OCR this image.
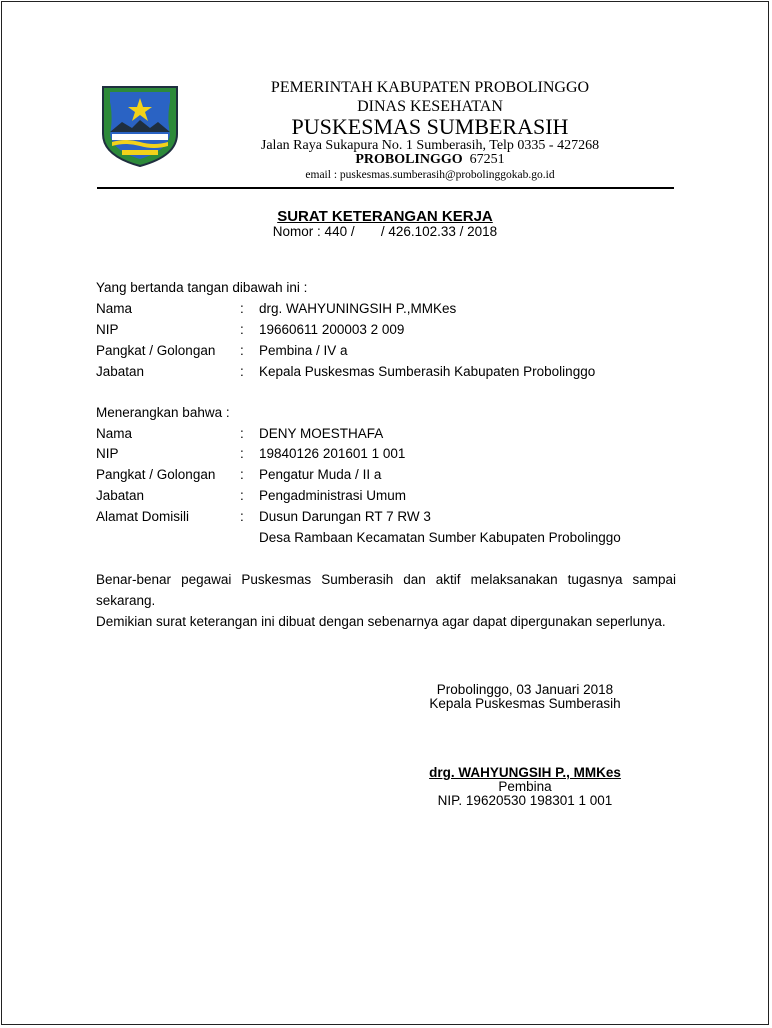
PEMERINTAH KABUPATEN PROBOLINGGO
DINAS KESEHATAN
PUSKESMAS SUMBERASIH
Jalan Raya Sukapura No. 1 Sumberasih, Telp 0335 - 427268
PROBOLINGGO 67251
email : puskesmas.sumberasih@probolinggokab.go.id
SURAT KETERANGAN KERJA
Nomor : 440 /       / 426.102.33 / 2018
Yang bertanda tangan dibawah ini :
Nama	: drg. WAHYUNINGSIH P.,MMKes
NIP	: 19660611 200003 2 009
Pangkat / Golongan : Pembina / IV a
Jabatan	: Kepala Puskesmas Sumberasih Kabupaten Probolinggo
Menerangkan bahwa :
Nama	: DENY MOESTHAFA
NIP	: 19840126 201601 1 001
Pangkat / Golongan : Pengatur Muda / II a
Jabatan	: Pengadministrasi Umum
Alamat Domisili	: Dusun Darungan RT 7 RW 3
Desa Rambaan Kecamatan Sumber Kabupaten Probolinggo
Benar-benar pegawai Puskesmas Sumberasih dan aktif melaksanakan tugasnya sampai sekarang.
Demikian surat keterangan ini dibuat dengan sebenarnya agar dapat dipergunakan seperlunya.
Probolinggo, 03 Januari 2018
Kepala Puskesmas Sumberasih
drg. WAHYUNGSIH P., MMKes
Pembina
NIP. 19620530 198301 1 001
